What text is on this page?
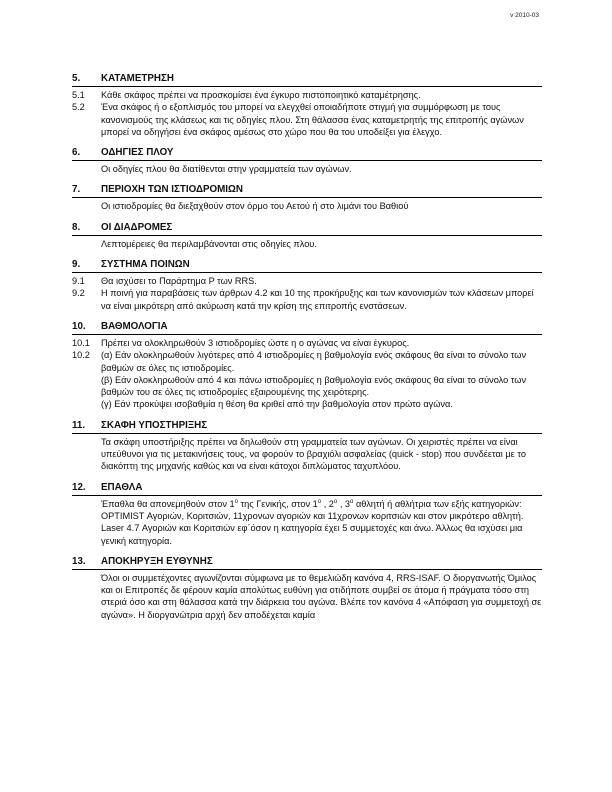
v 2010-03
5.	ΚΑΤΑΜΕΤΡΗΣΗ
5.1	Κάθε σκάφος πρέπει να προσκομίσει ένα έγκυρο πιστοποιητικό καταμέτρησης.
5.2	Ένα σκάφος ή ο εξοπλισμός του μπορεί να ελεγχθεί οποιαδήποτε στιγμή για συμμόρφωση με τους κανονισμούς της κλάσεως και τις οδηγίες πλου. Στη θάλασσα ένας καταμετρητής της επιτροπής αγώνων μπορεί να οδηγήσει ένα σκάφος αμέσως στο χώρο που θα του υποδείξει για έλεγχο.
6.	ΟΔΗΓΙΕΣ ΠΛΟΥ
Οι οδηγίες πλου θα διατίθενται στην γραμματεία των αγώνων.
7.	ΠΕΡΙΟΧΗ ΤΩΝ ΙΣΤΙΟΔΡΟΜΙΩΝ
Οι ιστιοδρομίες θα διεξαχθούν στον όρμο του Αετού ή στο λιμάνι του Βαθιού
8.	ΟΙ ΔΙΑΔΡΟΜΕΣ
Λεπτομέρειες θα περιλαμβάνονται στις οδηγίες πλου.
9.	ΣΥΣΤΗΜΑ ΠΟΙΝΩΝ
9.1	Θα ισχύσει το Παράρτημα P των RRS.
9.2	Η ποινή για παραβάσεις των άρθρων 4.2 και 10 της προκήρυξης και των κανονισμών των κλάσεων μπορεί να είναι μικρότερη από ακύρωση κατά την κρίση της επιτροπής ενστάσεων.
10.	ΒΑΘΜΟΛΟΓΙΑ
10.1	Πρέπει να ολοκληρωθούν 3 ιστιοδρομίες ώστε η ο αγώνας να είναι έγκυρος.
10.2	(α) Εάν ολοκληρωθούν λιγότερες από 4 ιστιοδρομίες η βαθμολογία ενός σκάφους θα είναι το σύνολο των βαθμών σε όλες τις ιστιοδρομίες.
(β) Εάν ολοκληρωθούν από 4 και πάνω ιστιοδρομίες η βαθμολογία ενός σκάφους θα είναι το σύνολο των βαθμών του σε όλες τις ιστιοδρομίες εξαιρουμένης της χειρότερης.
(γ) Εάν προκύψει ισοβαθμία η θέση θα κριθεί από την βαθμολογία στον πρώτο αγώνα.
11.	ΣΚΑΦΗ ΥΠΟΣΤΗΡΙΞΗΣ
Τα σκάφη υποστήριξης πρέπει να δηλωθούν στη γραμματεία των αγώνων. Οι χειριστές πρέπει να είναι υπεύθυνοι για τις μετακινήσεις τους, να φορούν το βραχιόλι ασφαλείας (quick - stop) που συνδέεται με το διακόπτη της μηχανής καθώς και να είναι κάτοχοι διπλώματος ταχυπλόου.
12.	ΕΠΑΘΛΑ
Έπαθλα θα απονεμηθούν στον $1^o$ της Γενικής, στον $1^o$ , $2^o$ , $3^o$ αθλητή ή αθλήτρια των εξής κατηγοριών: OPTIMIST Αγοριών, Κοριτσιών, 11χρονων αγοριών και 11χρονων κοριτσιών και στον μικρότερο αθλητή.
Laser 4.7 Αγοριών και Κοριτσιών εφ΄όσον η κατηγορία έχει 5 συμμετοχές και άνω. Άλλως θα ισχύσει μια γενική κατηγορία.
13.	ΑΠΟΚΗΡΥΞΗ ΕΥΘΥΝΗΣ
Όλοι οι συμμετέχοντες αγωνίζονται σύμφωνα με το θεμελιώδη κανόνα 4, RRS-ISAF. Ο διοργανωτής Όμιλος και οι Επιτροπές δε φέρουν καμία απολύτως ευθύνη για οτιδήποτε συμβεί σε άτομα ή πράγματα τόσο στη στεριά όσο και στη θάλασσα κατά την διάρκεια του αγώνα. Βλέπε τον κανόνα 4 «Απόφαση για συμμετοχή σε αγώνα». Η διοργανώτρια αρχή δεν αποδέχεται καμία
